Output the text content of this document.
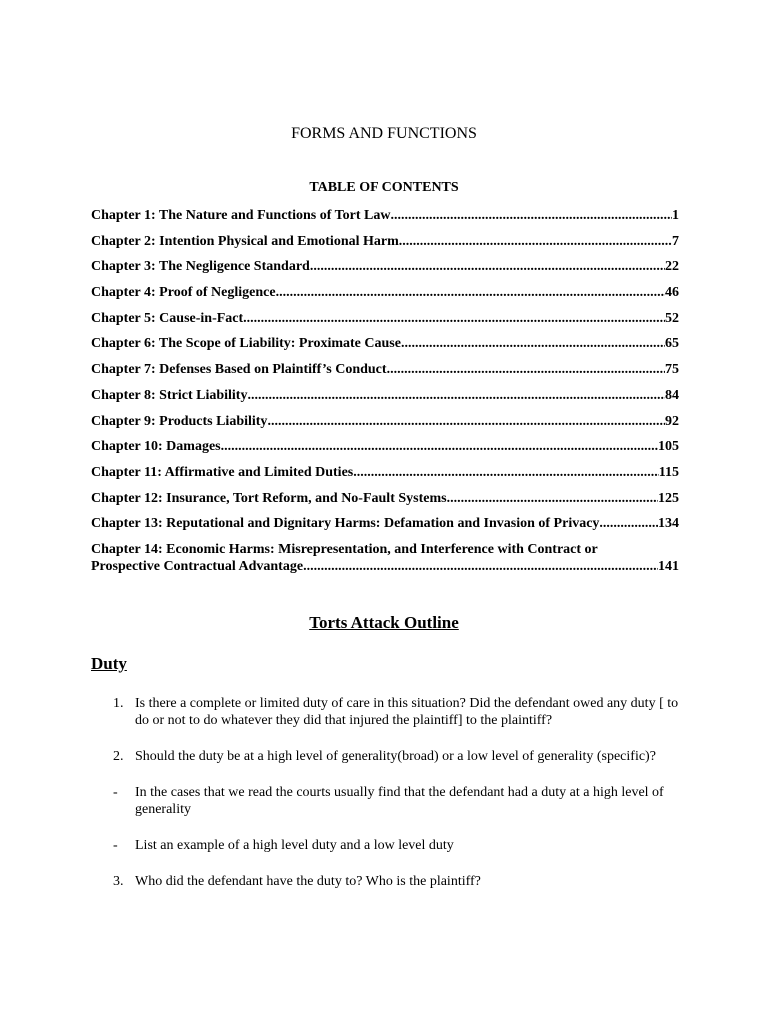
FORMS AND FUNCTIONS
TABLE OF CONTENTS
Chapter 1: The Nature and Functions of Tort Law .....	1
Chapter 2: Intention Physical and Emotional Harm .....	7
Chapter 3: The Negligence Standard .....	22
Chapter 4: Proof of Negligence .....	46
Chapter 5: Cause-in-Fact .....	52
Chapter 6: The Scope of Liability: Proximate Cause .....	65
Chapter 7: Defenses Based on Plaintiff’s Conduct .....	75
Chapter 8: Strict Liability .....	84
Chapter 9: Products Liability .....	92
Chapter 10: Damages .....	105
Chapter 11: Affirmative and Limited Duties .....	115
Chapter 12: Insurance, Tort Reform, and No-Fault Systems .....	125
Chapter 13: Reputational and Dignitary Harms: Defamation and Invasion of Privacy .....	134
Chapter 14: Economic Harms: Misrepresentation, and Interference with Contract or
Prospective Contractual Advantage .....	141
Torts Attack Outline
Duty
1. Is there a complete or limited duty of care in this situation? Did the defendant owed any duty [ to do or not to do whatever they did that injured the plaintiff] to the plaintiff?
2. Should the duty be at a high level of generality(broad) or a low level of generality (specific)?
-	In the cases that we read the courts usually find that the defendant had a duty at a high level of generality
-	List an example of a high level duty and a low level duty
3. Who did the defendant have the duty to? Who is the plaintiff?
